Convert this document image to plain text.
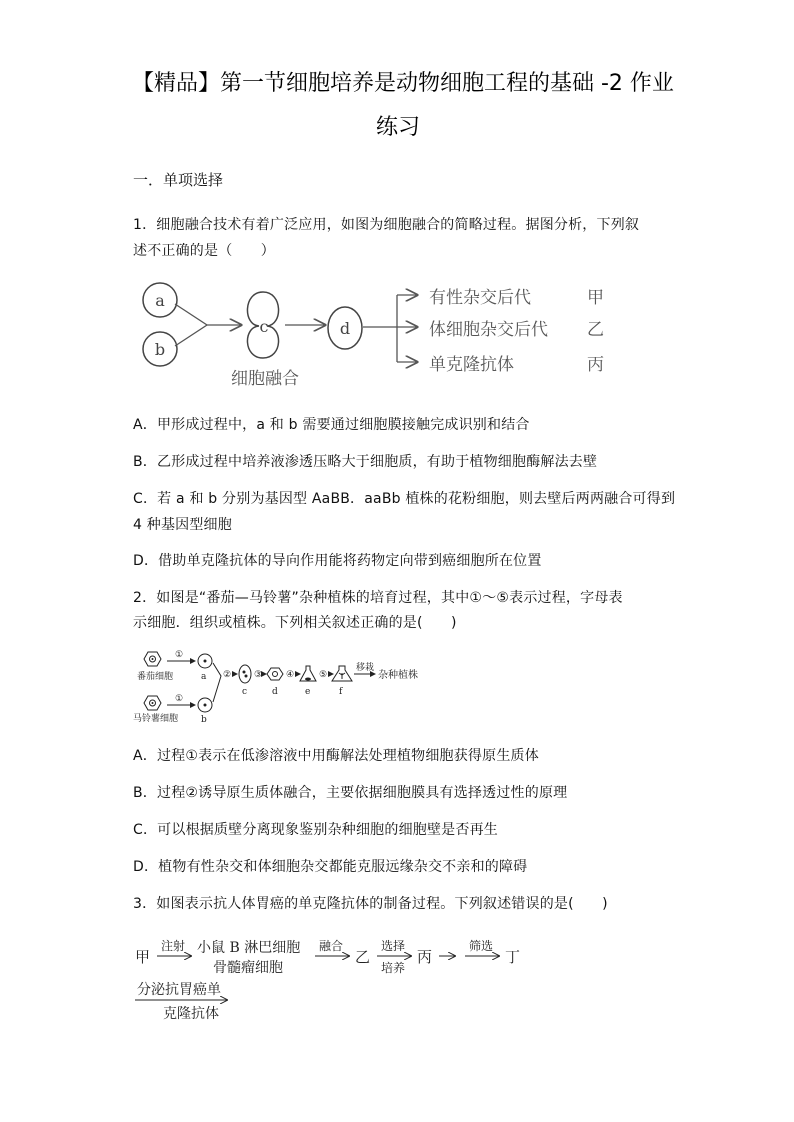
【精品】第一节细胞培养是动物细胞工程的基础 -2 作业
练习
一．单项选择
1．细胞融合技术有着广泛应用，如图为细胞融合的简略过程。据图分析，下列叙
述不正确的是（　　）
a
b
c	d
有性杂交后代	甲
体细胞杂交后代 乙
单克隆抗体	丙
细胞融合
A．甲形成过程中，a 和 b 需要通过细胞膜接触完成识别和结合
B．乙形成过程中培养液渗透压略大于细胞质，有助于植物细胞酶解法去壁
C．若 a 和 b 分别为基因型 AaBB．aaBb 植株的花粉细胞，则去壁后两两融合可得到
4 种基因型细胞
D．借助单克隆抗体的导向作用能将药物定向带到癌细胞所在位置
2．如图是“番茄—马铃薯”杂种植株的培育过程，其中①～⑤表示过程，字母表
示细胞．组织或植株。下列相关叙述正确的是(　　)
番茄细胞
①
a
马铃薯细胞
①
b
②
c
③
d
④
e
⑤
f
移栽
杂种植株
A．过程①表示在低渗溶液中用酶解法处理植物细胞获得原生质体
B．过程②诱导原生质体融合，主要依据细胞膜具有选择透过性的原理
C．可以根据质壁分离现象鉴别杂种细胞的细胞壁是否再生
D．植物有性杂交和体细胞杂交都能克服远缘杂交不亲和的障碍
3．如图表示抗人体胃癌的单克隆抗体的制备过程。下列叙述错误的是(　　)
甲
注射 小鼠 B 淋巴细胞
骨髓瘤细胞
融合
乙
选择
培养
丙
筛选
丁
分泌抗胃癌单
克隆抗体
